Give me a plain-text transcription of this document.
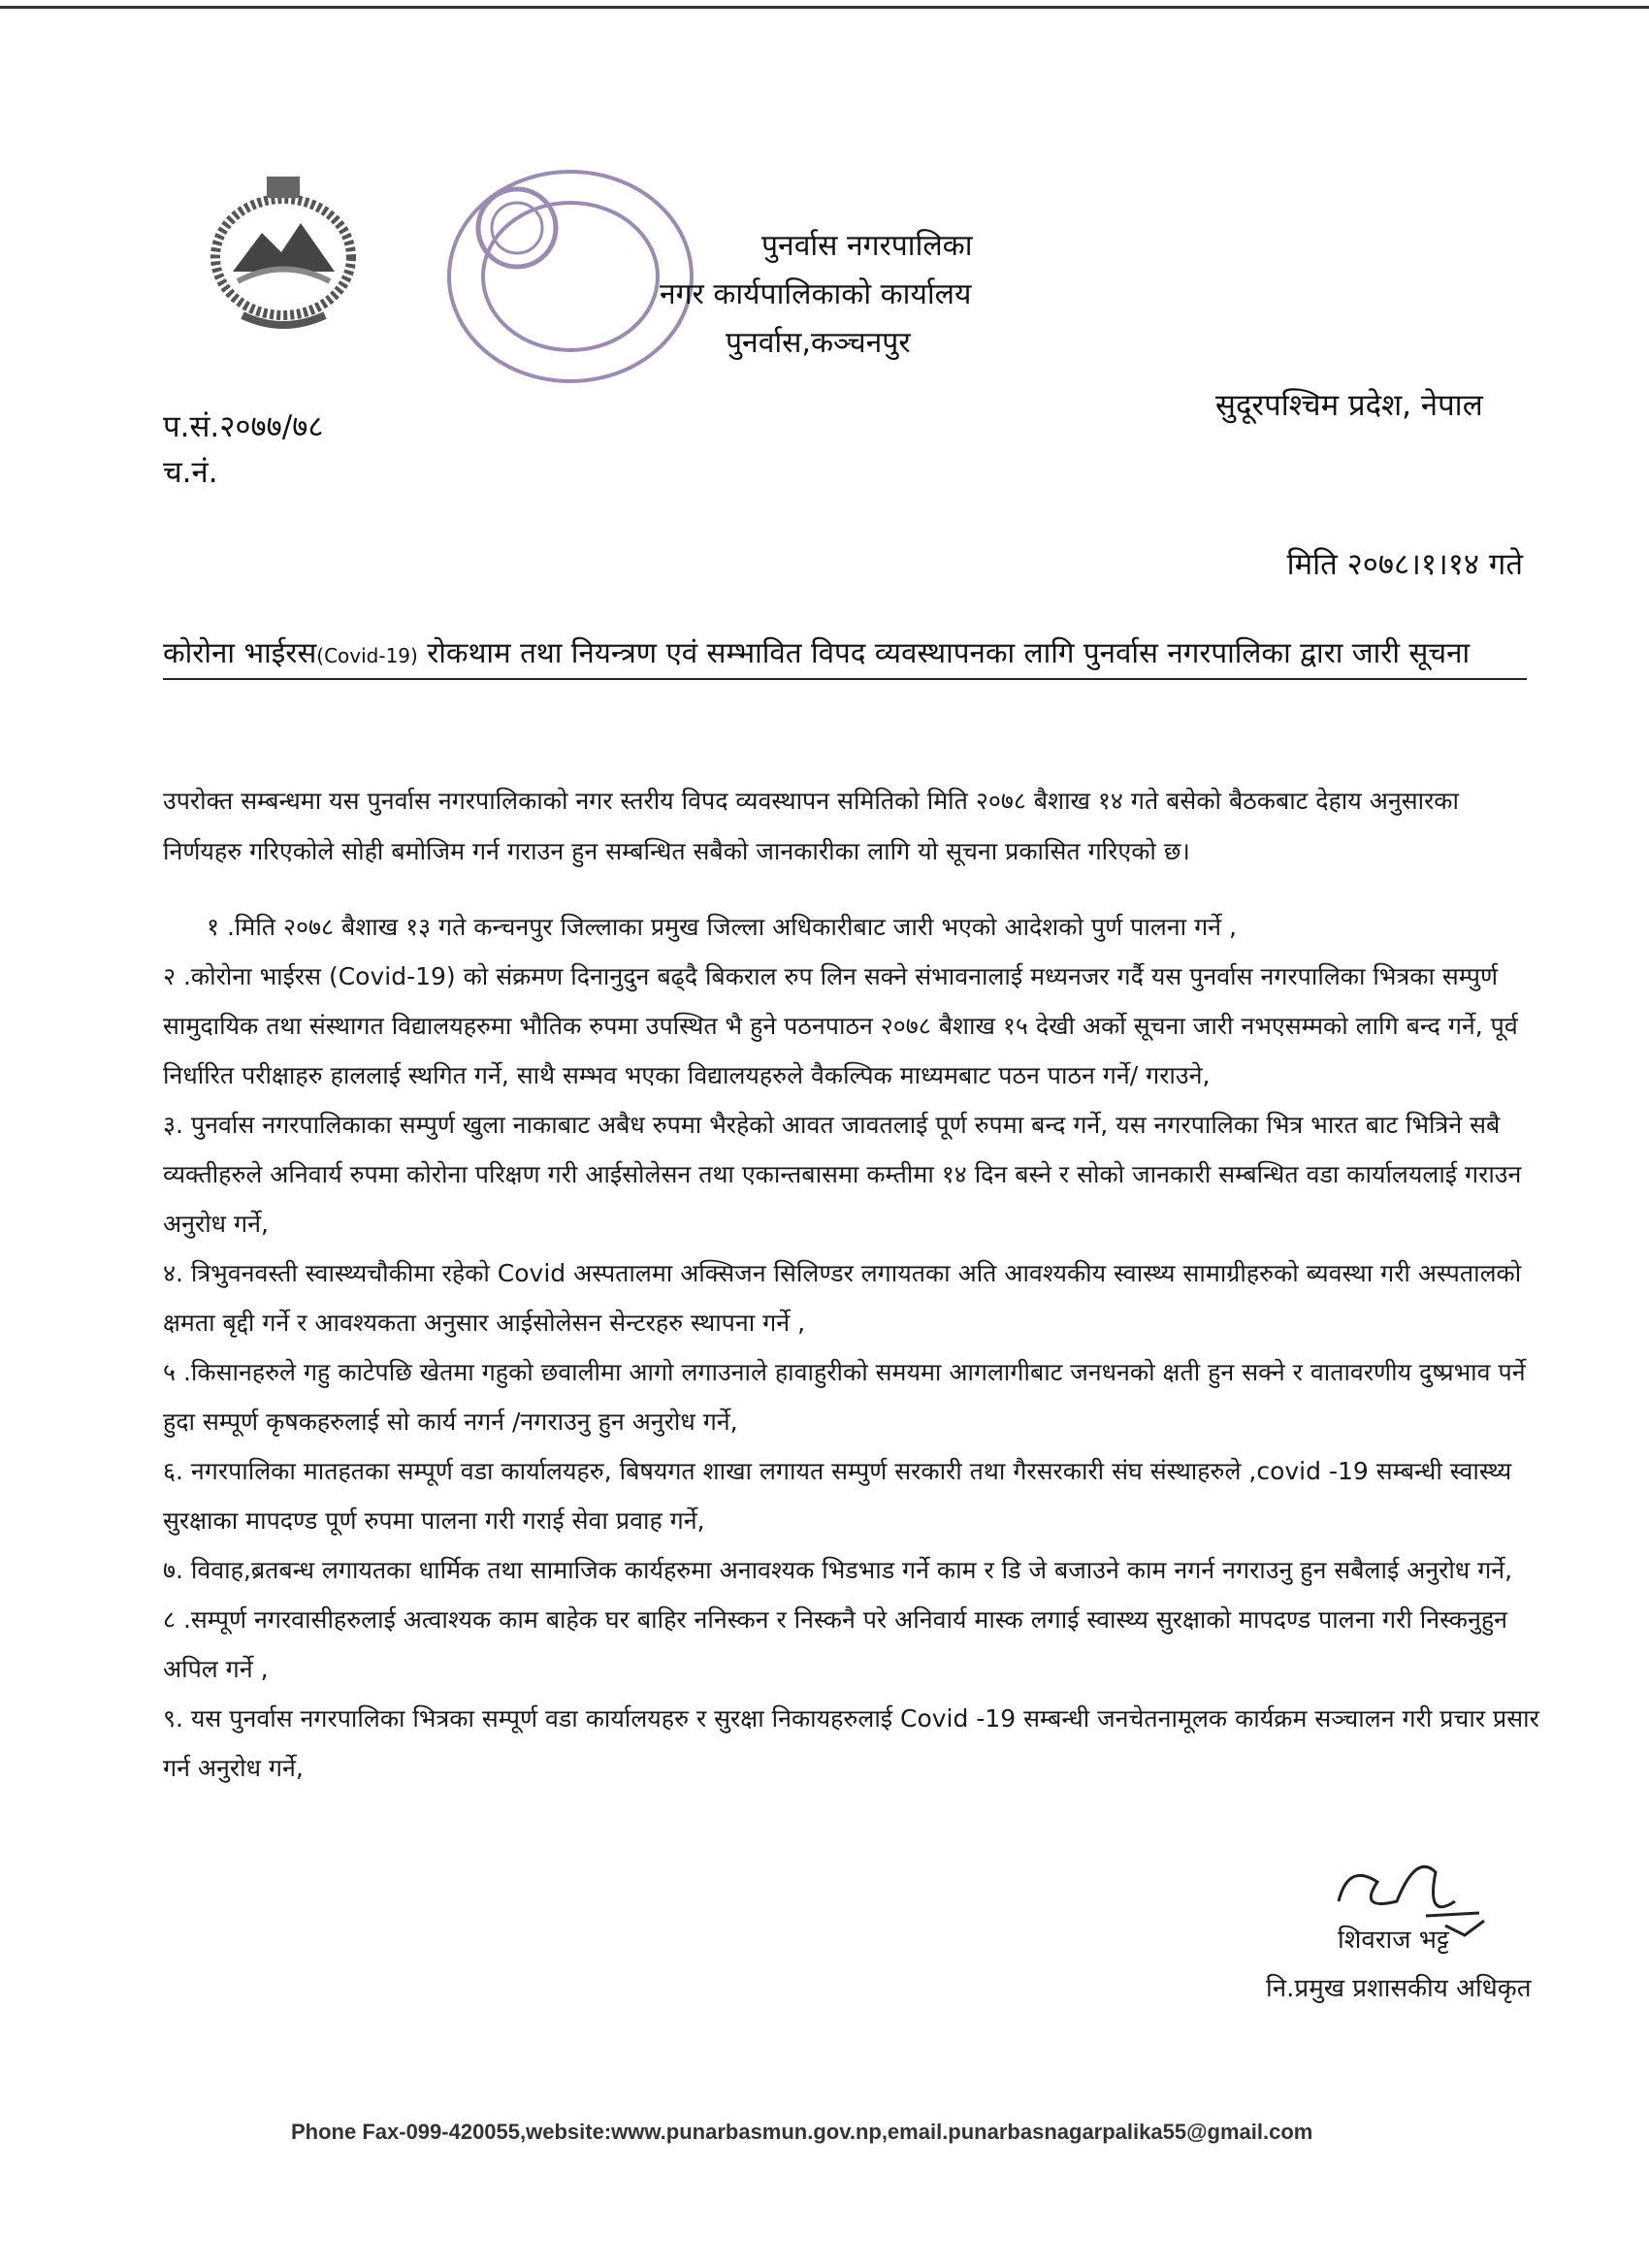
पुनर्वास नगरपालिका
नगर कार्यपालिकाको कार्यालय
पुनर्वास,कञ्चनपुर
सुदूरपश्चिम प्रदेश, नेपाल
प.सं.२०७७/७८
च.नं.
मिति २०७८।१।१४ गते
कोरोना भाईरस(Covid-19) रोकथाम तथा नियन्त्रण एवं सम्भावित विपद व्यवस्थापनका लागि पुनर्वास नगरपालिका द्वारा जारी सूचना
उपरोक्त सम्बन्धमा यस पुनर्वास नगरपालिकाको नगर स्तरीय विपद व्यवस्थापन समितिको मिति २०७८ बैशाख १४ गते बसेको बैठकबाट देहाय अनुसारका निर्णयहरु गरिएकोले सोही बमोजिम गर्न गराउन हुन सम्बन्धित सबैको जानकारीका लागि यो सूचना प्रकासित गरिएको छ।

१ .मिति २०७८ बैशाख १३ गते कन्चनपुर जिल्लाका प्रमुख जिल्ला अधिकारीबाट जारी भएको आदेशको पुर्ण पालना गर्ने ,

२ .कोरोना भाईरस (Covid-19) को संक्रमण दिनानुदुन बढ्दै बिकराल रुप लिन सक्ने संभावनालाई मध्यनजर गर्दै यस पुनर्वास नगरपालिका भित्रका सम्पुर्ण सामुदायिक तथा संस्थागत विद्यालयहरुमा भौतिक रुपमा उपस्थित भै हुने पठनपाठन २०७८ बैशाख १५ देखी अर्को सूचना जारी नभएसम्मको लागि बन्द गर्ने, पूर्व निर्धारित परीक्षाहरु हाललाई स्थगित गर्ने, साथै सम्भव भएका विद्यालयहरुले वैकल्पिक माध्यमबाट पठन पाठन गर्ने/ गराउने,

३. पुनर्वास नगरपालिकाका सम्पुर्ण खुला नाकाबाट अबैध रुपमा भैरहेको आवत जावतलाई पूर्ण रुपमा बन्द गर्ने, यस नगरपालिका भित्र भारत बाट भित्रिने सबै व्यक्तीहरुले अनिवार्य रुपमा कोरोना परिक्षण गरी आईसोलेसन तथा एकान्तबासमा कम्तीमा १४ दिन बस्ने र सोको जानकारी सम्बन्धित वडा कार्यालयलाई गराउन अनुरोध गर्ने,

४. त्रिभुवनवस्ती स्वास्थ्यचौकीमा रहेको Covid अस्पतालमा अक्सिजन सिलिण्डर लगायतका अति आवश्यकीय स्वास्थ्य सामाग्रीहरुको ब्यवस्था गरी अस्पतालको क्षमता बृद्दी गर्ने र आवश्यकता अनुसार आईसोलेसन सेन्टरहरु स्थापना गर्ने ,

५ .किसानहरुले गहु काटेपछि खेतमा गहुको छवालीमा आगो लगाउनाले हावाहुरीको समयमा आगलागीबाट जनधनको क्षती हुन सक्ने र वातावरणीय दुष्प्रभाव पर्ने हुदा सम्पूर्ण कृषकहरुलाई सो कार्य नगर्न /नगराउनु हुन अनुरोध गर्ने,

६. नगरपालिका मातहतका सम्पूर्ण वडा कार्यालयहरु, बिषयगत शाखा लगायत सम्पुर्ण सरकारी तथा गैरसरकारी संघ संस्थाहरुले ,covid -19 सम्बन्धी स्वास्थ्य सुरक्षाका मापदण्ड पूर्ण रुपमा पालना गरी गराई सेवा प्रवाह गर्ने,

७. विवाह,ब्रतबन्ध लगायतका धार्मिक तथा सामाजिक कार्यहरुमा अनावश्यक भिडभाड गर्ने काम र डि जे बजाउने काम नगर्न नगराउनु हुन सबैलाई अनुरोध गर्ने,

८ .सम्पूर्ण नगरवासीहरुलाई अत्वाश्यक काम बाहेक घर बाहिर ननिस्कन र निस्कनै परे अनिवार्य मास्क लगाई स्वास्थ्य सुरक्षाको मापदण्ड पालना गरी निस्कनुहुन अपिल गर्ने ,

९. यस पुनर्वास नगरपालिका भित्रका सम्पूर्ण वडा कार्यालयहरु र सुरक्षा निकायहरुलाई Covid -19 सम्बन्धी जनचेतनामूलक कार्यक्रम सञ्चालन गरी प्रचार प्रसार गर्न अनुरोध गर्ने,

शिवराज भट्ट
नि.प्रमुख प्रशासकीय अधिकृत
Phone Fax-099-420055,website:www.punarbasmun.gov.np,email.punarbasnagarpalika55@gmail.com
